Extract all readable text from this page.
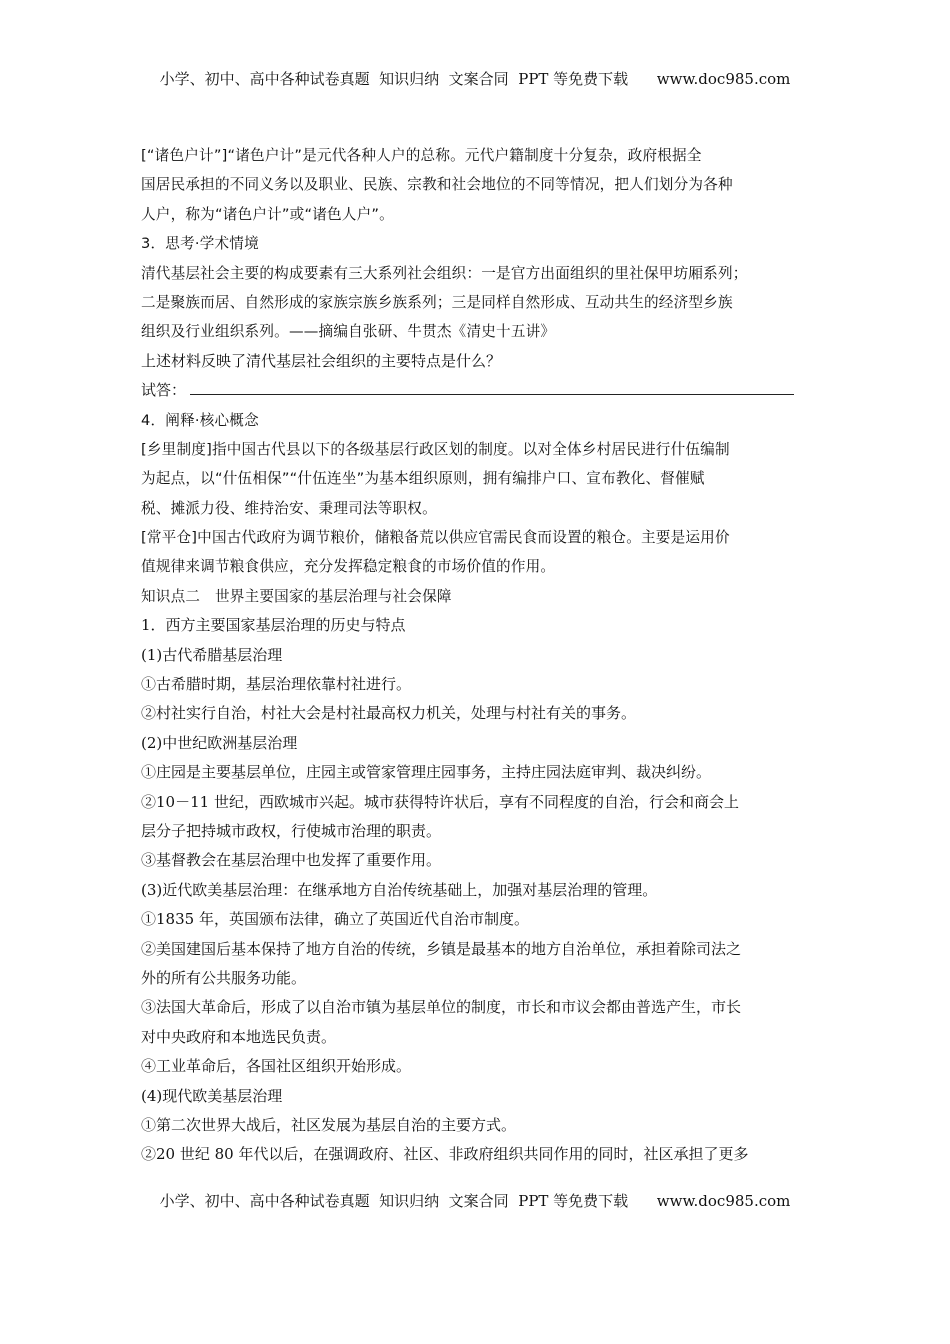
小学、初中、高中各种试卷真题  知识归纳  文案合同  PPT 等免费下载      www.doc985.com
[“诸色户计”]“诸色户计”是元代各种人户的总称。元代户籍制度十分复杂，政府根据全
国居民承担的不同义务以及职业、民族、宗教和社会地位的不同等情况，把人们划分为各种
人户，称为“诸色户计”或“诸色人户”。
3．思考·学术情境
清代基层社会主要的构成要素有三大系列社会组织：一是官方出面组织的里社保甲坊厢系列；
二是聚族而居、自然形成的家族宗族乡族系列；三是同样自然形成、互动共生的经济型乡族
组织及行业组织系列。——摘编自张研、牛贯杰《清史十五讲》
上述材料反映了清代基层社会组织的主要特点是什么？
试答：
4．阐释·核心概念
[乡里制度]指中国古代县以下的各级基层行政区划的制度。以对全体乡村居民进行什伍编制
为起点，以“什伍相保”“什伍连坐”为基本组织原则，拥有编排户口、宣布教化、督催赋
税、摊派力役、维持治安、秉理司法等职权。
[常平仓]中国古代政府为调节粮价，储粮备荒以供应官需民食而设置的粮仓。主要是运用价
值规律来调节粮食供应，充分发挥稳定粮食的市场价值的作用。
知识点二　世界主要国家的基层治理与社会保障
1．西方主要国家基层治理的历史与特点
(1)古代希腊基层治理
①古希腊时期，基层治理依靠村社进行。
②村社实行自治，村社大会是村社最高权力机关，处理与村社有关的事务。
(2)中世纪欧洲基层治理
①庄园是主要基层单位，庄园主或管家管理庄园事务，主持庄园法庭审判、裁决纠纷。
②10－11 世纪，西欧城市兴起。城市获得特许状后，享有不同程度的自治，行会和商会上
层分子把持城市政权，行使城市治理的职责。
③基督教会在基层治理中也发挥了重要作用。
(3)近代欧美基层治理：在继承地方自治传统基础上，加强对基层治理的管理。
①1835 年，英国颁布法律，确立了英国近代自治市制度。
②美国建国后基本保持了地方自治的传统，乡镇是最基本的地方自治单位，承担着除司法之
外的所有公共服务功能。
③法国大革命后，形成了以自治市镇为基层单位的制度，市长和市议会都由普选产生，市长
对中央政府和本地选民负责。
④工业革命后，各国社区组织开始形成。
(4)现代欧美基层治理
①第二次世界大战后，社区发展为基层自治的主要方式。
②20 世纪 80 年代以后，在强调政府、社区、非政府组织共同作用的同时，社区承担了更多
小学、初中、高中各种试卷真题  知识归纳  文案合同  PPT 等免费下载      www.doc985.com
